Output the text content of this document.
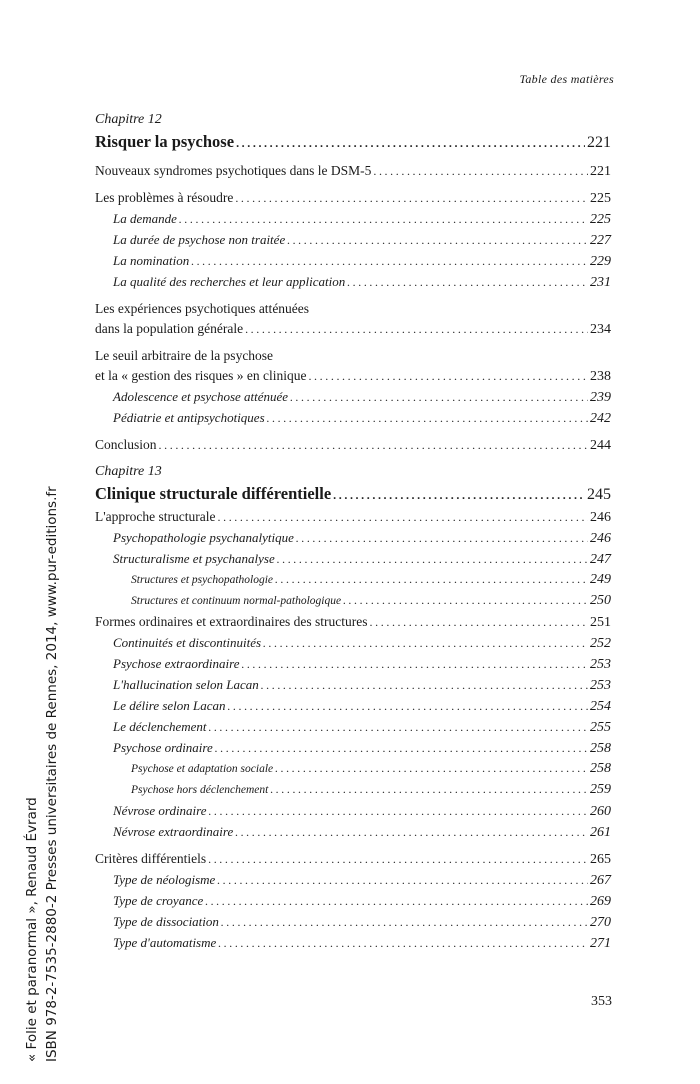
Table des matières
« Folie et paranormal », Renaud Évrard ISBN 978-2-7535-2880-2 Presses universitaires de Rennes, 2014, www.pur-editions.fr
Chapitre 12
Risquer la psychose .....	221
Nouveaux syndromes psychotiques dans le DSM-5 .....	221
Les problèmes à résoudre .....	225
La demande .....	225
La durée de psychose non traitée .....	227
La nomination .....	229
La qualité des recherches et leur application .....	231
Les expériences psychotiques atténuées
dans la population générale .....	234
Le seuil arbitraire de la psychose
et la « gestion des risques » en clinique .....	238
Adolescence et psychose atténuée .....	239
Pédiatrie et antipsychotiques .....	242
Conclusion .....	244
Chapitre 13
Clinique structurale différentielle .....	245
L'approche structurale .....	246
Psychopathologie psychanalytique .....	246
Structuralisme et psychanalyse .....	247
Structures et psychopathologie .....	249
Structures et continuum normal-pathologique .....	250
Formes ordinaires et extraordinaires des structures .....	251
Continuités et discontinuités .....	252
Psychose extraordinaire .....	253
L'hallucination selon Lacan .....	253
Le délire selon Lacan .....	254
Le déclenchement .....	255
Psychose ordinaire .....	258
Psychose et adaptation sociale .....	258
Psychose hors déclenchement .....	259
Névrose ordinaire .....	260
Névrose extraordinaire .....	261
Critères différentiels .....	265
Type de néologisme .....	267
Type de croyance .....	269
Type de dissociation .....	270
Type d'automatisme .....	271
353
